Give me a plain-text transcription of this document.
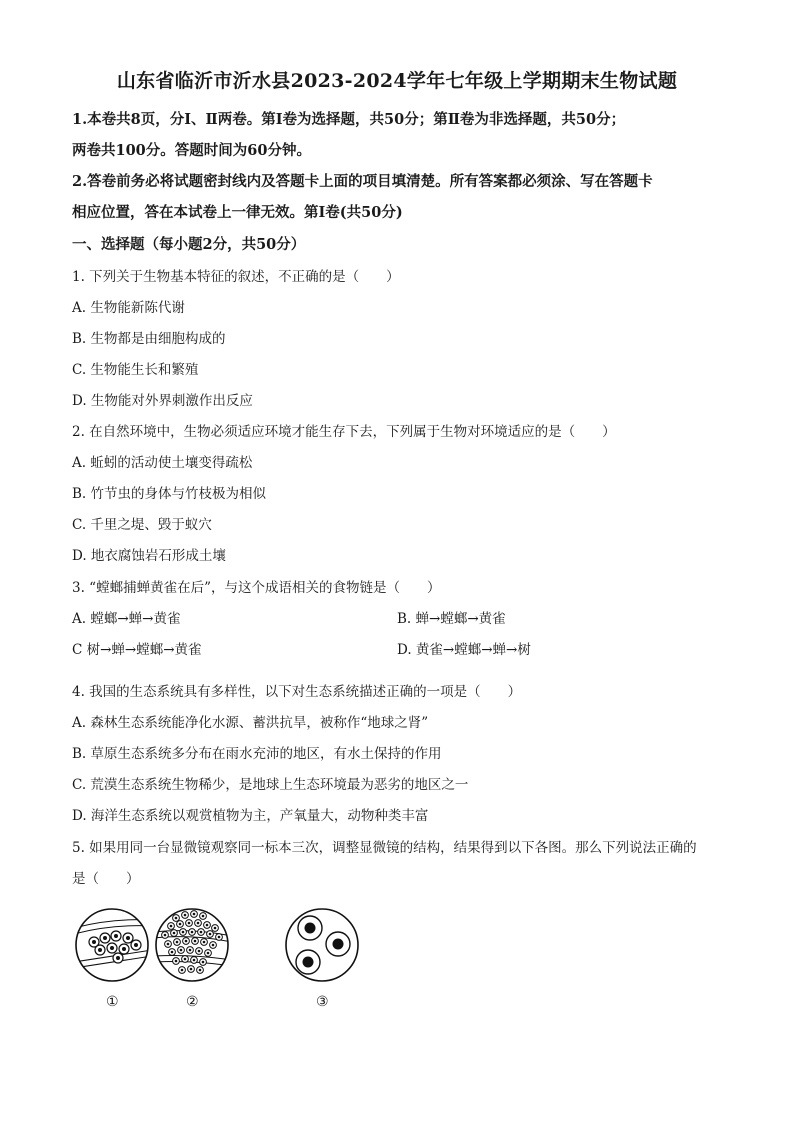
山东省临沂市沂水县2023-2024学年七年级上学期期末生物试题
1.本卷共8页，分Ⅰ、Ⅱ两卷。第Ⅰ卷为选择题，共50分；第Ⅱ卷为非选择题，共50分；
两卷共100分。答题时间为60分钟。
2.答卷前务必将试题密封线内及答题卡上面的项目填清楚。所有答案都必须涂、写在答题卡
相应位置，答在本试卷上一律无效。第Ⅰ卷(共50分)
一、选择题（每小题2分，共50分）
1. 下列关于生物基本特征的叙述，不正确的是（　　）
A. 生物能新陈代谢
B. 生物都是由细胞构成的
C. 生物能生长和繁殖
D. 生物能对外界刺激作出反应
2. 在自然环境中，生物必须适应环境才能生存下去，下列属于生物对环境适应的是（　　）
A. 蚯蚓的活动使土壤变得疏松
B. 竹节虫的身体与竹枝极为相似
C. 千里之堤、毁于蚁穴
D. 地衣腐蚀岩石形成土壤
3. “螳螂捕蝉黄雀在后”，与这个成语相关的食物链是（　　）
A. 螳螂→蝉→黄雀	B. 蝉→螳螂→黄雀
C 树→蝉→螳螂→黄雀	D. 黄雀→螳螂→蝉→树
4. 我国的生态系统具有多样性，以下对生态系统描述正确的一项是（　　）
A. 森林生态系统能净化水源、蓄洪抗旱，被称作“地球之肾”
B. 草原生态系统多分布在雨水充沛的地区，有水土保持的作用
C. 荒漠生态系统生物稀少，是地球上生态环境最为恶劣的地区之一
D. 海洋生态系统以观赏植物为主，产氧量大，动物种类丰富
5. 如果用同一台显微镜观察同一标本三次，调整显微镜的结构，结果得到以下各图。那么下列说法正确的
是（　　）
①	②	③
